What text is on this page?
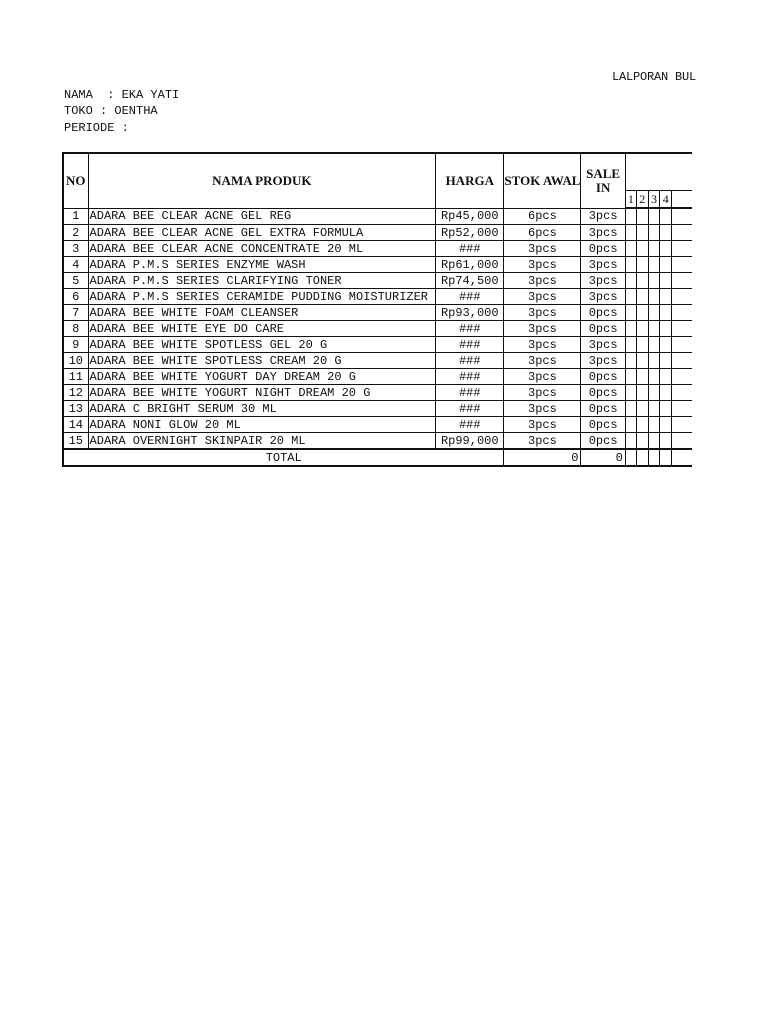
LALPORAN BUL
NAMA  : EKA YATI
TOKO : OENTHA
PERIODE :
NO	NAMA PRODUK	HARGA	STOK AWAL	SALE IN					
					1	2	3	4	
1	ADARA BEE CLEAR ACNE GEL REG	Rp45,000	6pcs	3pcs					
2	ADARA BEE CLEAR ACNE GEL EXTRA FORMULA	Rp52,000	6pcs	3pcs					
3	ADARA BEE CLEAR ACNE CONCENTRATE 20 ML	###	3pcs	0pcs					
4	ADARA P.M.S SERIES ENZYME WASH	Rp61,000	3pcs	3pcs					
5	ADARA P.M.S SERIES CLARIFYING TONER	Rp74,500	3pcs	3pcs					
6	ADARA P.M.S SERIES CERAMIDE PUDDING MOISTURIZER	###	3pcs	3pcs					
7	ADARA BEE WHITE FOAM CLEANSER	Rp93,000	3pcs	0pcs					
8	ADARA BEE WHITE EYE DO CARE	###	3pcs	0pcs					
9	ADARA BEE WHITE SPOTLESS GEL 20 G	###	3pcs	3pcs					
10	ADARA BEE WHITE SPOTLESS CREAM 20 G	###	3pcs	3pcs					
11	ADARA BEE WHITE YOGURT DAY DREAM 20 G	###	3pcs	0pcs					
12	ADARA BEE WHITE YOGURT NIGHT DREAM 20 G	###	3pcs	0pcs					
13	ADARA C BRIGHT SERUM 30 ML	###	3pcs	0pcs					
14	ADARA NONI GLOW 20 ML	###	3pcs	0pcs					
15	ADARA OVERNIGHT SKINPAIR 20 ML	Rp99,000	3pcs	0pcs					
TOTAL			0	0					
